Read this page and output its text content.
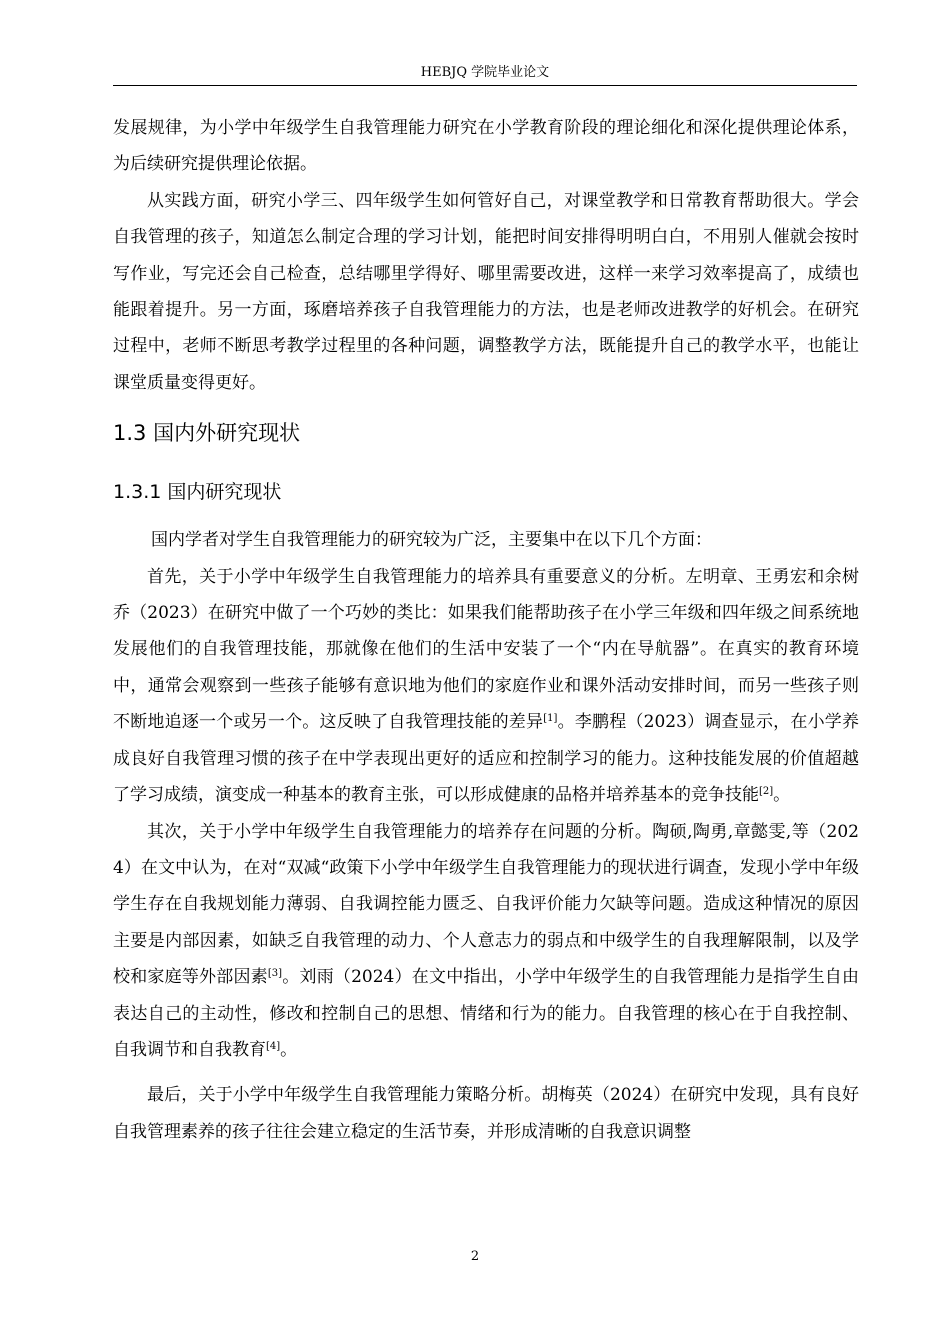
HEBJQ 学院毕业论文

发展规律，为小学中年级学生自我管理能力研究在小学教育阶段的理论细化和深化提供理论体系，为后续研究提供理论依据。

从实践方面，研究小学三、四年级学生如何管好自己，对课堂教学和日常教育帮助很大。学会自我管理的孩子，知道怎么制定合理的学习计划，能把时间安排得明明白白，不用别人催就会按时写作业，写完还会自己检查，总结哪里学得好、哪里需要改进，这样一来学习效率提高了，成绩也能跟着提升。另一方面，琢磨培养孩子自我管理能力的方法，也是老师改进教学的好机会。在研究过程中，老师不断思考教学过程里的各种问题，调整教学方法，既能提升自己的教学水平，也能让课堂质量变得更好。

1.3 国内外研究现状
1.3.1 国内研究现状

国内学者对学生自我管理能力的研究较为广泛，主要集中在以下几个方面：

首先，关于小学中年级学生自我管理能力的培养具有重要意义的分析。左明章、王勇宏和余树乔（2023）在研究中做了一个巧妙的类比：如果我们能帮助孩子在小学三年级和四年级之间系统地发展他们的自我管理技能，那就像在他们的生活中安装了一个“内在导航器”。在真实的教育环境中，通常会观察到一些孩子能够有意识地为他们的家庭作业和课外活动安排时间，而另一些孩子则不断地追逐一个或另一个。这反映了自我管理技能的差异[1]。李鹏程（2023）调查显示，在小学养成良好自我管理习惯的孩子在中学表现出更好的适应和控制学习的能力。这种技能发展的价值超越了学习成绩，演变成一种基本的教育主张，可以形成健康的品格并培养基本的竞争技能[2]。

其次，关于小学中年级学生自我管理能力的培养存在问题的分析。陶硕,陶勇,章懿雯,等（2024）在文中认为，在对“双减“政策下小学中年级学生自我管理能力的现状进行调查，发现小学中年级学生存在自我规划能力薄弱、自我调控能力匮乏、自我评价能力欠缺等问题。造成这种情况的原因主要是内部因素，如缺乏自我管理的动力、个人意志力的弱点和中级学生的自我理解限制，以及学校和家庭等外部因素[3]。刘雨（2024）在文中指出，小学中年级学生的自我管理能力是指学生自由表达自己的主动性，修改和控制自己的思想、情绪和行为的能力。自我管理的核心在于自我控制、自我调节和自我教育[4]。

最后，关于小学中年级学生自我管理能力策略分析。胡梅英（2024）在研究中发现，具有良好自我管理素养的孩子往往会建立稳定的生活节奏，并形成清晰的自我意识调整

2
